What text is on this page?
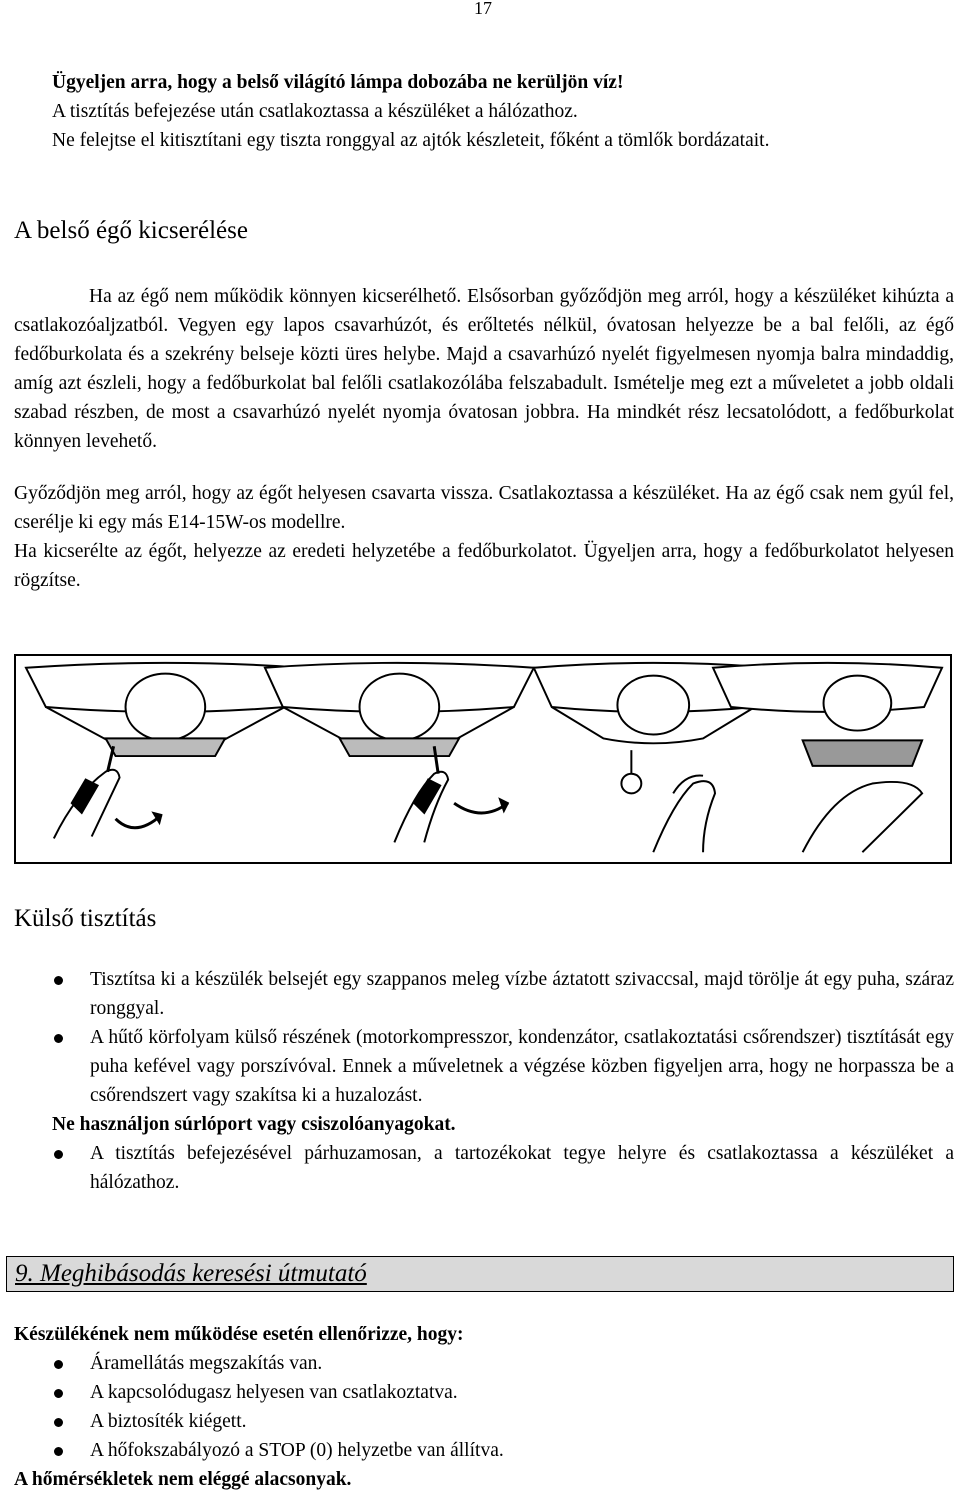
17

Ügyeljen arra, hogy a belső világító lámpa dobozába ne kerüljön víz!

A tisztítás befejezése után csatlakoztassa a készüléket a hálózathoz.

Ne felejtse el kitisztítani egy tiszta ronggyal az ajtók készleteit, főként a tömlők bordázatait.

A belső égő kicserélése

Ha az égő nem működik könnyen kicserélhető. Elsősorban győződjön meg arról, hogy a készüléket kihúzta a csatlakozóaljzatból. Vegyen egy lapos csavarhúzót, és erőltetés nélkül, óvatosan helyezze be a bal felőli, az égő fedőburkolata és a szekrény belseje közti üres helybe. Majd a csavarhúzó nyelét figyelmesen nyomja balra mindaddig, amíg azt észleli, hogy a fedőburkolat bal felőli csatlakozólába felszabadult. Ismételje meg ezt a műveletet a jobb oldali szabad részben, de most a csavarhúzó nyelét nyomja óvatosan jobbra. Ha mindkét rész lecsatolódott, a fedőburkolat könnyen levehető.

Győződjön meg arról, hogy az égőt helyesen csavarta vissza. Csatlakoztassa a készüléket. Ha az égő csak nem gyúl fel, cserélje ki egy más E14-15W-os modellre.

Ha kicserélte az égőt, helyezze az eredeti helyzetébe a fedőburkolatot. Ügyeljen arra, hogy a fedőburkolatot helyesen rögzítse.

Külső tisztítás
Tisztítsa ki a készülék belsejét egy szappanos meleg vízbe áztatott szivaccsal, majd törölje át egy puha, száraz ronggyal.
A hűtő körfolyam külső részének (motorkompresszor, kondenzátor, csatlakoztatási csőrendszer) tisztítását egy puha kefével vagy porszívóval. Ennek a műveletnek a végzése közben figyeljen arra, hogy ne horpassza be a csőrendszert vagy szakítsa ki a huzalozást.

Ne használjon súrlóport vagy csiszolóanyagokat.

A tisztítás befejezésével párhuzamosan, a tartozékokat tegye helyre és csatlakoztassa a készüléket a hálózathoz.
9. Meghibásodás keresési útmutató

Készülékének nem működése esetén ellenőrizze, hogy:

Áramellátás megszakítás van.
A kapcsolódugasz helyesen van csatlakoztatva.
A biztosíték kiégett.
A hőfokszabályozó a STOP (0) helyzetbe van állítva.

A hőmérsékletek nem eléggé alacsonyak.
